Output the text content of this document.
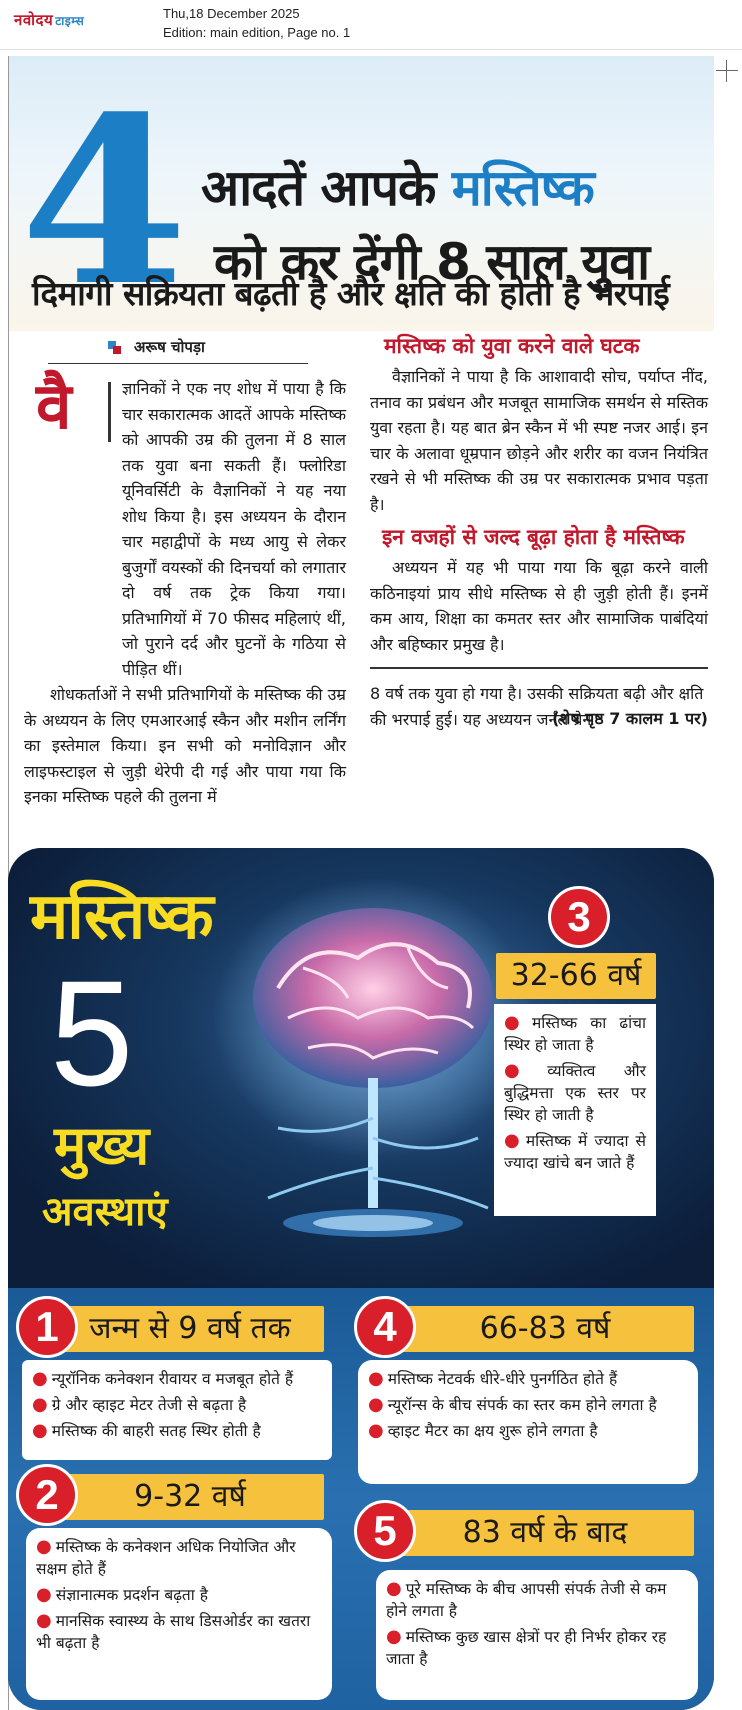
नवोदय टाइम्स	Thu,18 December 2025
Edition: main edition, Page no. 1
4 आदतें आपके मस्तिष्क
को कर देंगी 8 साल युवा
दिमागी सक्रियता बढ़ती है और क्षति की होती है भरपाई
अरूष चोपड़ा
वै	ज्ञानिकों ने एक नए शोध में पाया है कि चार सकारात्मक आदतें आपके मस्तिष्क को आपकी उम्र की तुलना में 8 साल तक युवा बना सकती हैं। फ्लोरिडा यूनिवर्सिटी के वैज्ञानिकों ने यह नया शोध किया है। इस अध्ययन के दौरान चार महाद्वीपों के मध्य आयु से लेकर बुजुर्गों वयस्कों की दिनचर्या को लगातार दो वर्ष तक ट्रेक किया गया। प्रतिभागियों में 70 फीसद महिलाएं थीं, जो पुराने दर्द और घुटनों के गठिया से पीड़ित थीं।

शोधकर्ताओं ने सभी प्रतिभागियों के मस्तिष्क की उम्र के अध्ययन के लिए एमआरआई स्कैन और मशीन लर्निंग का इस्तेमाल किया। इन सभी को मनोविज्ञान और लाइफस्टाइल से जुड़ी थेरेपी दी गई और पाया गया कि इनका मस्तिष्क पहले की तुलना में

मस्तिष्क को युवा करने वाले घटक
वैज्ञानिकों ने पाया है कि आशावादी सोच, पर्याप्त नींद, तनाव का प्रबंधन और मजबूत सामाजिक समर्थन से मस्तिक युवा रहता है। यह बात ब्रेन स्कैन में भी स्पष्ट नजर आई। इन चार के अलावा धूम्रपान छोड़ने और शरीर का वजन नियंत्रित रखने से भी मस्तिष्क की उम्र पर सकारात्मक प्रभाव पड़ता है।
इन वजहों से जल्द बूढ़ा होता है मस्तिष्क
अध्ययन में यह भी पाया गया कि बूढ़ा करने वाली कठिनाइयां प्राय सीधे मस्तिष्क से ही जुड़ी होती हैं। इनमें कम आय, शिक्षा का कमतर स्तर और सामाजिक पाबंदियां और बहिष्कार प्रमुख है।
8 वर्ष तक युवा हो गया है। उसकी सक्रियता बढ़ी और क्षति की भरपाई हुई। यह अध्ययन जर्नल ब्रेन
(शेष पृष्ठ 7 कालम 1 पर)
मस्तिष्क
5
मुख्य
अवस्थाएं
3
32-66 वर्ष
● मस्तिष्क का ढांचा स्थिर हो जाता है
● व्यक्तित्व और बुद्धिमत्ता एक स्तर पर स्थिर हो जाती है
● मस्तिष्क में ज्यादा से ज्यादा खांचे बन जाते हैं
जन्म से 9 वर्ष तक
1
● न्यूरॉनिक कनेक्शन रीवायर व मजबूत होते हैं
● ग्रे और व्हाइट मेटर तेजी से बढ़ता है
● मस्तिष्क की बाहरी सतह स्थिर होती है
9-32 वर्ष
2
● मस्तिष्क के कनेक्शन अधिक नियोजित और सक्षम होते हैं
● संज्ञानात्मक प्रदर्शन बढ़ता है
● मानसिक स्वास्थ्य के साथ डिसओर्डर का खतरा भी बढ़ता है
66-83 वर्ष
4
● मस्तिष्क नेटवर्क धीरे-धीरे पुनर्गठित होते हैं
● न्यूरॉन्स के बीच संपर्क का स्तर कम होने लगता है
● व्हाइट मैटर का क्षय शुरू होने लगता है
83 वर्ष के बाद
5
● पूरे मस्तिष्क के बीच आपसी संपर्क तेजी से कम होने लगता है
● मस्तिष्क कुछ खास क्षेत्रों पर ही निर्भर होकर रह जाता है
